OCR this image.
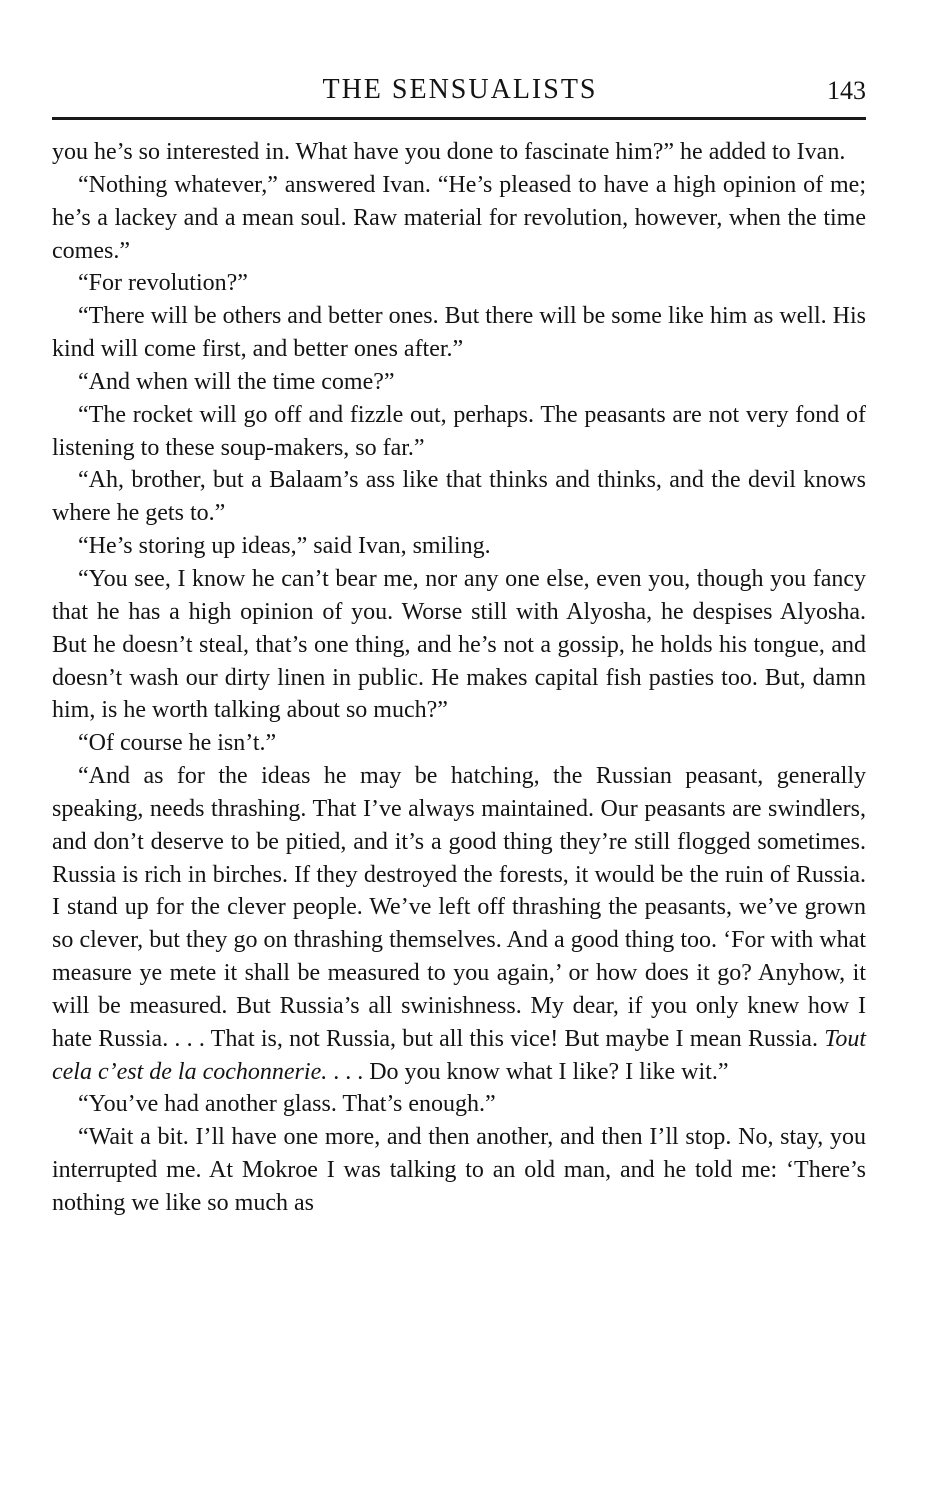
THE SENSUALISTS	143

you he’s so interested in. What have you done to fascinate him?” he added to Ivan.

“Nothing whatever,” answered Ivan. “He’s pleased to have a high opinion of me; he’s a lackey and a mean soul. Raw material for revolution, however, when the time comes.”

“For revolution?”

“There will be others and better ones. But there will be some like him as well. His kind will come first, and better ones after.”

“And when will the time come?”

“The rocket will go off and fizzle out, perhaps. The peasants are not very fond of listening to these soup-makers, so far.”

“Ah, brother, but a Balaam’s ass like that thinks and thinks, and the devil knows where he gets to.”

“He’s storing up ideas,” said Ivan, smiling.

“You see, I know he can’t bear me, nor any one else, even you, though you fancy that he has a high opinion of you. Worse still with Alyosha, he despises Alyosha. But he doesn’t steal, that’s one thing, and he’s not a gossip, he holds his tongue, and doesn’t wash our dirty linen in public. He makes capital fish pasties too. But, damn him, is he worth talking about so much?”

“Of course he isn’t.”

“And as for the ideas he may be hatching, the Russian peasant, generally speaking, needs thrashing. That I’ve always maintained. Our peasants are swindlers, and don’t deserve to be pitied, and it’s a good thing they’re still flogged sometimes. Russia is rich in birches. If they destroyed the forests, it would be the ruin of Russia. I stand up for the clever people. We’ve left off thrashing the peasants, we’ve grown so clever, but they go on thrashing themselves. And a good thing too. ‘For with what measure ye mete it shall be measured to you again,’ or how does it go? Anyhow, it will be measured. But Russia’s all swinishness. My dear, if you only knew how I hate Russia. . . . That is, not Russia, but all this vice! But maybe I mean Russia. Tout cela c’est de la cochonnerie. . . . Do you know what I like? I like wit.”

“You’ve had another glass. That’s enough.”

“Wait a bit. I’ll have one more, and then another, and then I’ll stop. No, stay, you interrupted me. At Mokroe I was talking to an old man, and he told me: ‘There’s nothing we like so much as
